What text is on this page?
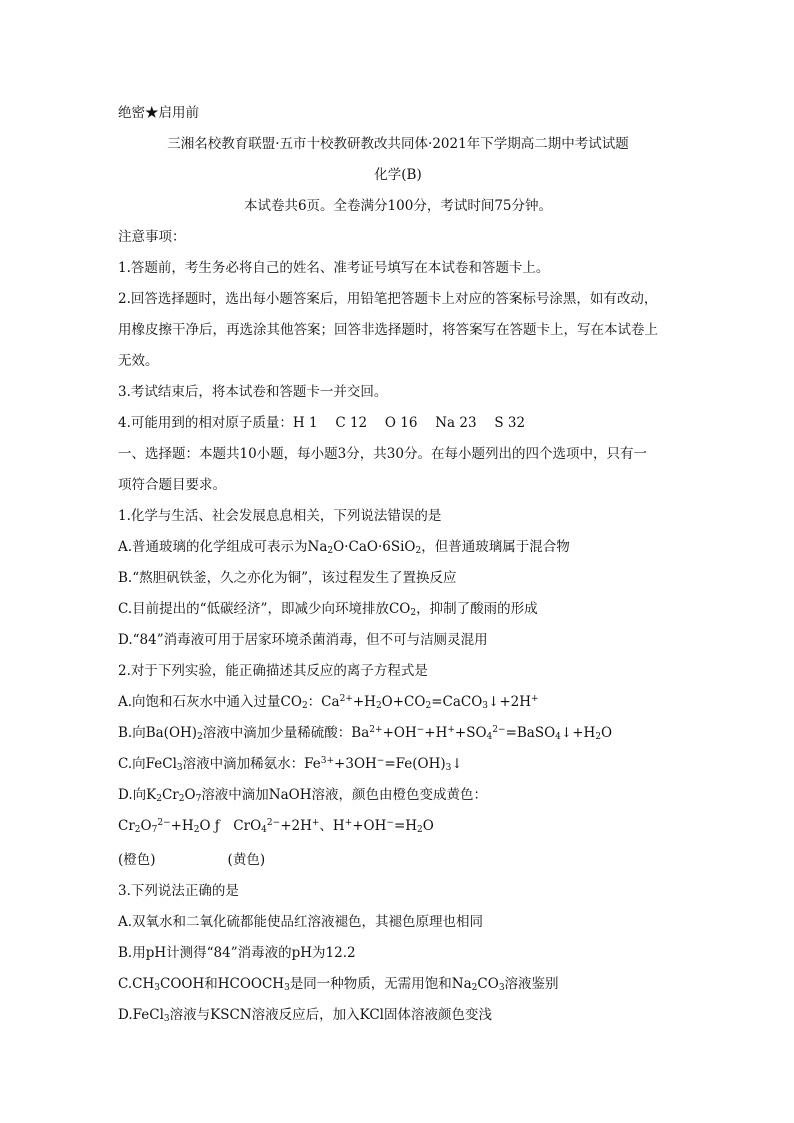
绝密★启用前
三湘名校教育联盟·五市十校教研教改共同体·2021年下学期高二期中考试试题
化学(B)
本试卷共6页。全卷满分100分，考试时间75分钟。
注意事项：
1.答题前，考生务必将自己的姓名、准考证号填写在本试卷和答题卡上。
2.回答选择题时，选出每小题答案后，用铅笔把答题卡上对应的答案标号涂黑，如有改动，
用橡皮擦干净后，再选涂其他答案；回答非选择题时，将答案写在答题卡上，写在本试卷上
无效。
3.考试结束后，将本试卷和答题卡一并交回。
4.可能用到的相对原子质量：H 1　 C 12　 O 16　 Na 23　 S 32
一、选择题：本题共10小题，每小题3分，共30分。在每小题列出的四个选项中，只有一
项符合题目要求。
1.化学与生活、社会发展息息相关，下列说法错误的是
A.普通玻璃的化学组成可表示为$Na_2O\cdot CaO\cdot 6SiO_2$，但普通玻璃属于混合物
B.“熬胆矾铁釜，久之亦化为铜”，该过程发生了置换反应
C.目前提出的“低碳经济”，即减少向环境排放$CO_2$，抑制了酸雨的形成
D.“84”消毒液可用于居家环境杀菌消毒，但不可与洁厕灵混用
2.对于下列实验，能正确描述其反应的离子方程式是
A.向饱和石灰水中通入过量$CO_2$：$Ca^{2+}+H_2O+CO_2=CaCO_3↓+2H^+$
B.向$Ba(OH)_2$溶液中滴加少量稀硫酸：$Ba^{2+}+OH^-+H^++SO_4^{2-}=BaSO_4↓+H_2O$
C.向FeCl$_3$溶液中滴加稀氨水：$Fe^{3+}+3OH^-=Fe(OH)_3↓$
D.向$K_2Cr_2O_7$溶液中滴加NaOH溶液，颜色由橙色变成黄色：
$Cr_2O_7^{2-}+H_2O$ ƒ　CrO$_4^{2-}$+2H+、$H^++OH^-=H_2O$
(橙色)	(黄色)
3.下列说法正确的是
A.双氧水和二氧化硫都能使品红溶液褪色，其褪色原理也相同
B.用pH计测得“84”消毒液的pH为12.2
$C.CH_3COOH$和$HCOOCH_3$是同一种物质，无需用饱和$Na_2CO_3$溶液鉴别
D.FeCl$_3$溶液与KSCN溶液反应后，加入KCl固体溶液颜色变浅
